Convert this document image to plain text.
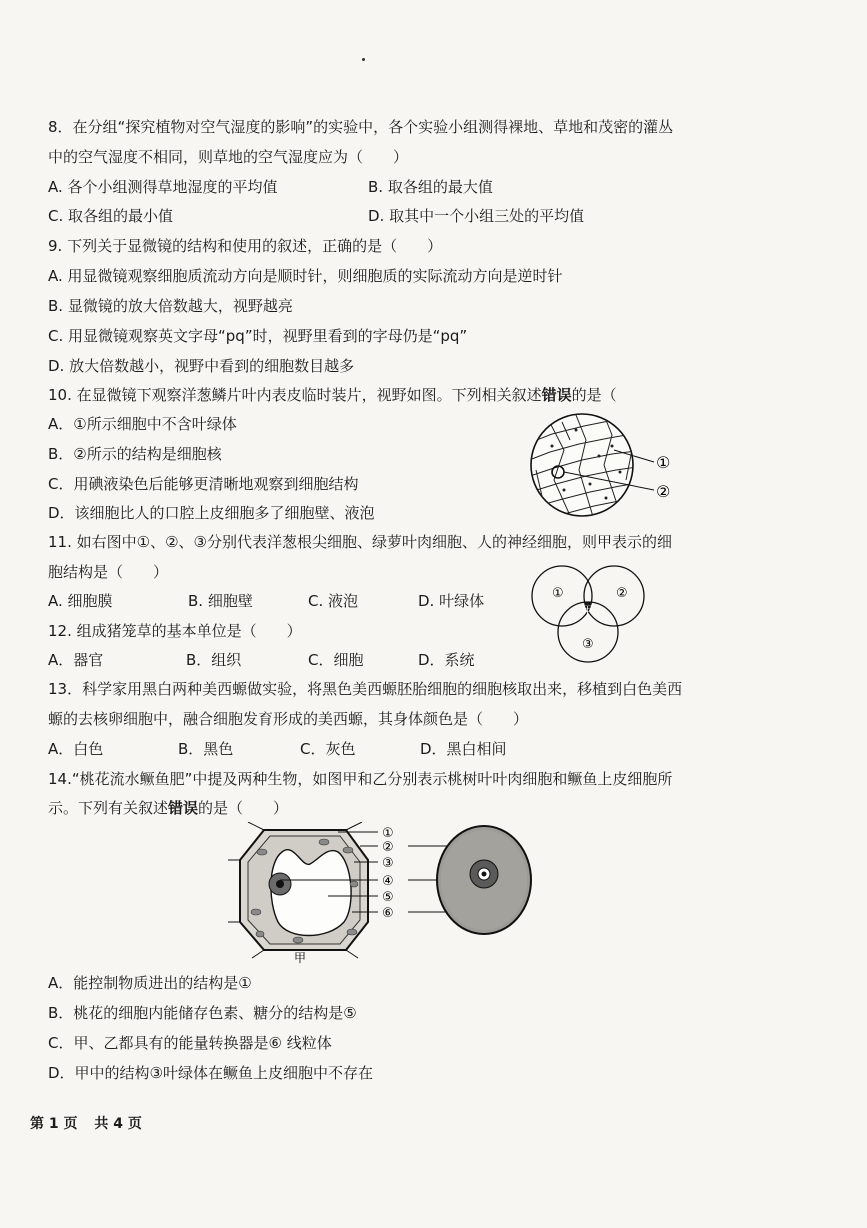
8．在分组“探究植物对空气湿度的影响”的实验中，各个实验小组测得裸地、草地和茂密的灌丛
中的空气湿度不相同，则草地的空气湿度应为（　　）
A. 各个小组测得草地湿度的平均值	B. 取各组的最大值
C. 取各组的最小值	D. 取其中一个小组三处的平均值
9. 下列关于显微镜的结构和使用的叙述，正确的是（　　）
A. 用显微镜观察细胞质流动方向是顺时针，则细胞质的实际流动方向是逆时针
B. 显微镜的放大倍数越大，视野越亮
C. 用显微镜观察英文字母“pq”时，视野里看到的字母仍是“pq”
D. 放大倍数越小，视野中看到的细胞数目越多
10. 在显微镜下观察洋葱鳞片叶内表皮临时装片，视野如图。下列相关叙述错误的是（
A．①所示细胞中不含叶绿体
B．②所示的结构是细胞核
C．用碘液染色后能够更清晰地观察到细胞结构
D．该细胞比人的口腔上皮细胞多了细胞壁、液泡
①
②
11. 如右图中①、②、③分别代表洋葱根尖细胞、绿萝叶肉细胞、人的神经细胞，则甲表示的细
胞结构是（　　）
A. 细胞膜	B. 细胞壁	C. 液泡	D. 叶绿体	①	②
③
甲
12. 组成猪笼草的基本单位是（　　）
A．器官	B．组织	C．细胞	D．系统
13．科学家用黑白两种美西螈做实验，将黑色美西螈胚胎细胞的细胞核取出来，移植到白色美西
螈的去核卵细胞中，融合细胞发育形成的美西螈，其身体颜色是（　　）
A．白色	B．黑色	C．灰色	D．黑白相间
14.“桃花流水鳜鱼肥”中提及两种生物，如图甲和乙分别表示桃树叶叶肉细胞和鳜鱼上皮细胞所
示。下列有关叙述错误的是（　　）
①
②
③
④
⑤
⑥
甲
A．能控制物质进出的结构是①
B．桃花的细胞内能储存色素、糖分的结构是⑤
C．甲、乙都具有的能量转换器是⑥ 线粒体
D．甲中的结构③叶绿体在鳜鱼上皮细胞中不存在
第 1 页 共 4 页
